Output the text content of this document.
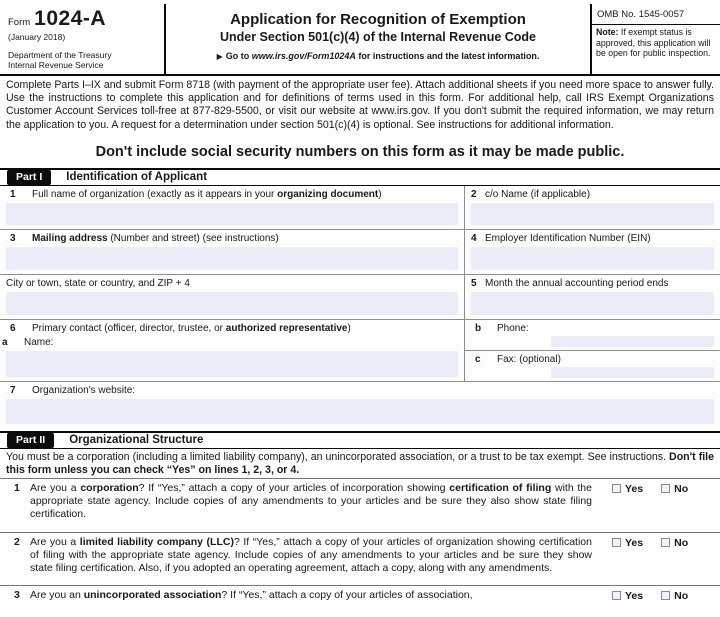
Form 1024-A
(January 2018)
Department of the Treasury
Internal Revenue Service
Application for Recognition of Exemption
Under Section 501(c)(4) of the Internal Revenue Code
▶ Go to www.irs.gov/Form1024A for instructions and the latest information.
OMB No. 1545-0057
Note: If exempt status is approved, this application will be open for public inspection.
Complete Parts I–IX and submit Form 8718 (with payment of the appropriate user fee). Attach additional sheets if you need more space to answer fully. Use the instructions to complete this application and for definitions of terms used in this form. For additional help, call IRS Exempt Organizations Customer Account Services toll-free at 877-829-5500, or visit our website at www.irs.gov. If you don't submit the required information, we may return the application to you. A request for a determination under section 501(c)(4) is optional. See instructions for additional information.
Don't include social security numbers on this form as it may be made public.
Part I	Identification of Applicant
1 Full name of organization (exactly as it appears in your organizing document)	2 c/o Name (if applicable)
3 Mailing address (Number and street) (see instructions)	4 Employer Identification Number (EIN)
City or town, state or country, and ZIP + 4	5 Month the annual accounting period ends
6 Primary contact (officer, director, trustee, or authorized representative)
a Name:
b Phone:
c Fax: (optional)
7 Organization's website:
Part II	Organizational Structure
You must be a corporation (including a limited liability company), an unincorporated association, or a trust to be tax exempt. See instructions. Don't file this form unless you can check “Yes” on lines 1, 2, 3, or 4.
1 Are you a corporation? If “Yes,” attach a copy of your articles of incorporation showing certification of filing with the appropriate state agency. Include copies of any amendments to your articles and be sure they also show state filing certification.
Yes	No
2 Are you a limited liability company (LLC)? If “Yes,” attach a copy of your articles of organization showing certification of filing with the appropriate state agency. Include copies of any amendments to your articles and be sure they show state filing certification. Also, if you adopted an operating agreement, attach a copy, along with any amendments.
Yes	No
3 Are you an unincorporated association? If “Yes,” attach a copy of your articles of association,	Yes	No
